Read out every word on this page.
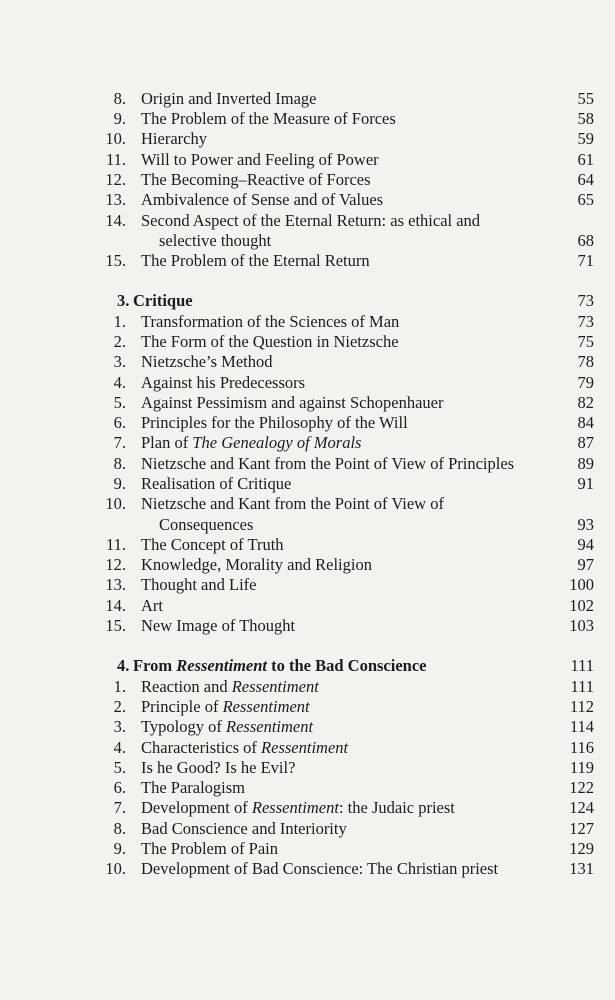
8. Origin and Inverted Image	55
9. The Problem of the Measure of Forces	58
10. Hierarchy	59
11. Will to Power and Feeling of Power	61
12. The Becoming–Reactive of Forces	64
13. Ambivalence of Sense and of Values	65
14. Second Aspect of the Eternal Return: as ethical and
selective thought	68
15. The Problem of the Eternal Return	71
3. Critique	73
1. Transformation of the Sciences of Man	73
2. The Form of the Question in Nietzsche	75
3. Nietzsche’s Method	78
4. Against his Predecessors	79
5. Against Pessimism and against Schopenhauer	82
6. Principles for the Philosophy of the Will	84
7. Plan of The Genealogy of Morals	87
8. Nietzsche and Kant from the Point of View of Principles	89
9. Realisation of Critique	91
10. Nietzsche and Kant from the Point of View of
Consequences	93
11. The Concept of Truth	94
12. Knowledge, Morality and Religion	97
13. Thought and Life	100
14. Art	102
15. New Image of Thought	103
4. From Ressentiment to the Bad Conscience	111
1. Reaction and Ressentiment	111
2. Principle of Ressentiment	112
3. Typology of Ressentiment	114
4. Characteristics of Ressentiment	116
5. Is he Good? Is he Evil?	119
6. The Paralogism	122
7. Development of Ressentiment: the Judaic priest	124
8. Bad Conscience and Interiority	127
9. The Problem of Pain	129
10. Development of Bad Conscience: The Christian priest	131
